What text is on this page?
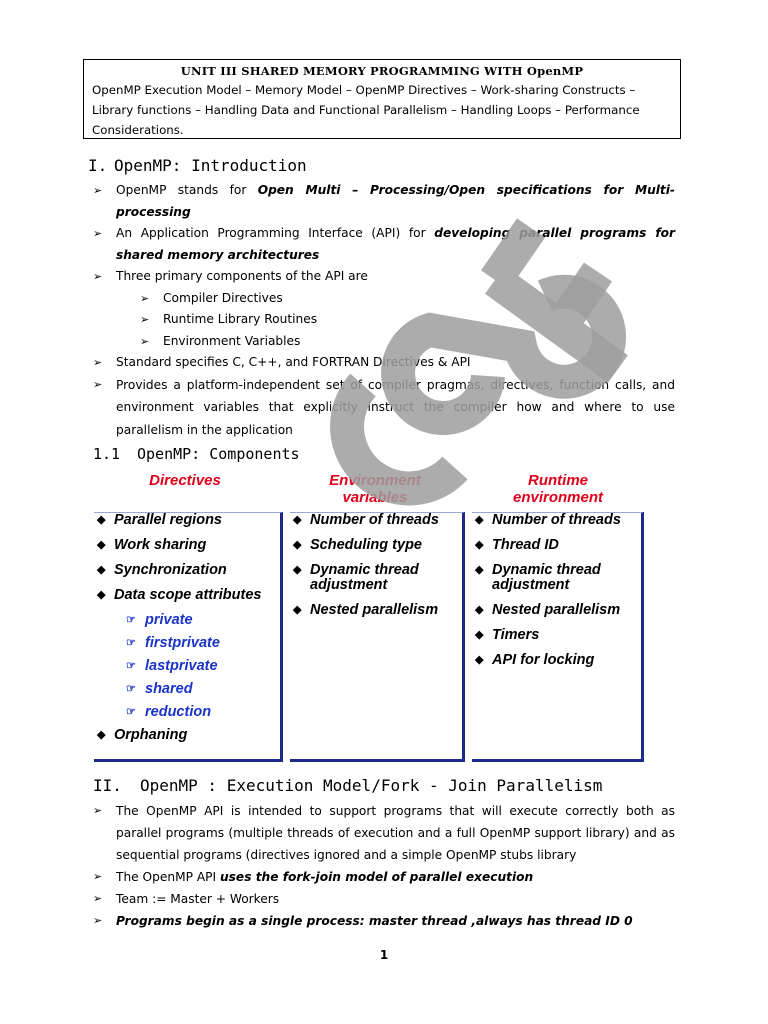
UNIT III SHARED MEMORY PROGRAMMING WITH OpenMP
OpenMP Execution Model – Memory Model – OpenMP Directives – Work-sharing Constructs – Library functions – Handling Data and Functional Parallelism – Handling Loops – Performance Considerations.
I. OpenMP: Introduction
➢ OpenMP stands for Open Multi – Processing/Open specifications for Multi-processing
➢ An Application Programming Interface (API) for developing parallel programs for shared memory architectures
➢ Three primary components of the API are
➢ Compiler Directives
➢ Runtime Library Routines
➢ Environment Variables
➢ Standard specifies C, C++, and FORTRAN Directives & API
➢ Provides a platform-independent set of compiler pragmas, directives, function calls, and environment variables that explicitly instruct the compiler how and where to use parallelism in the application
1.1 OpenMP: Components
Directives	Environment
variables
Runtime
environment
◆ Parallel regions
◆ Work sharing
◆ Synchronization
◆ Data scope attributes
☞ private
☞ firstprivate
☞ lastprivate
☞ shared
☞ reduction
◆ Orphaning
◆ Number of threads
◆ Scheduling type
◆ Dynamic thread adjustment
◆ Nested parallelism
◆ Number of threads
◆ Thread ID
◆ Dynamic thread adjustment
◆ Nested parallelism
◆ Timers
◆ API for locking
II. OpenMP : Execution Model/Fork - Join Parallelism
➢ The OpenMP API is intended to support programs that will execute correctly both as parallel programs (multiple threads of execution and a full OpenMP support library) and as sequential programs (directives ignored and a simple OpenMP stubs library
➢ The OpenMP API uses the fork-join model of parallel execution
➢ Team := Master + Workers
➢ Programs begin as a single process: master thread ,always has thread ID 0
1
